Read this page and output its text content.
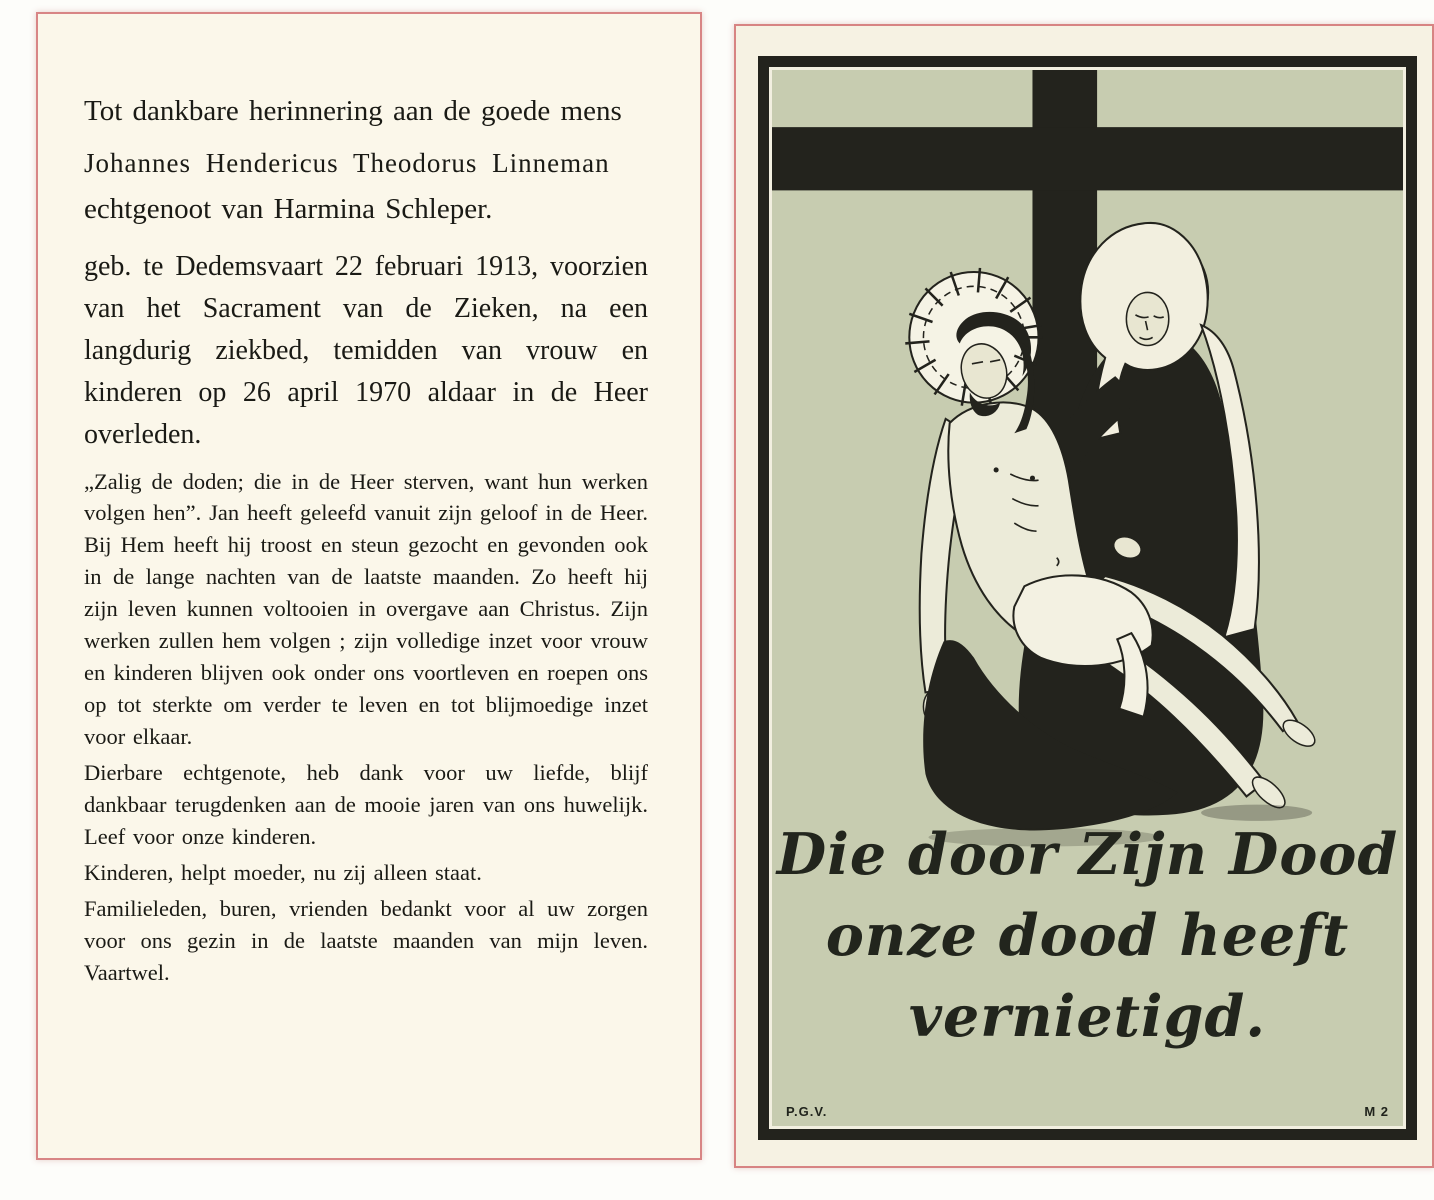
Tot dankbare herinnering aan de goede mens

Johannes Hendericus Theodorus Linneman

echtgenoot van Harmina Schleper.

geb. te Dedemsvaart 22 februari 1913, voorzien van het Sacrament van de Zieken, na een langdurig ziekbed, temidden van vrouw en kinderen op 26 april 1970 aldaar in de Heer overleden.

„Zalig de doden; die in de Heer sterven, want hun werken volgen hen”. Jan heeft geleefd vanuit zijn geloof in de Heer. Bij Hem heeft hij troost en steun gezocht en gevonden ook in de lange nachten van de laatste maanden. Zo heeft hij zijn leven kunnen voltooien in overgave aan Christus. Zijn werken zullen hem volgen ; zijn volledige inzet voor vrouw en kinderen blijven ook onder ons voortleven en roepen ons op tot sterkte om verder te leven en tot blijmoedige inzet voor elkaar.

Dierbare echtgenote, heb dank voor uw liefde, blijf dankbaar terugdenken aan de mooie jaren van ons huwelijk. Leef voor onze kinderen.

Kinderen, helpt moeder, nu zij alleen staat.

Familieleden, buren, vrienden bedankt voor al uw zorgen voor ons gezin in de laatste maanden van mijn leven. Vaartwel.

Die door Zijn Dood
onze dood heeft
vernietigd.
P.G.V.	M 2
